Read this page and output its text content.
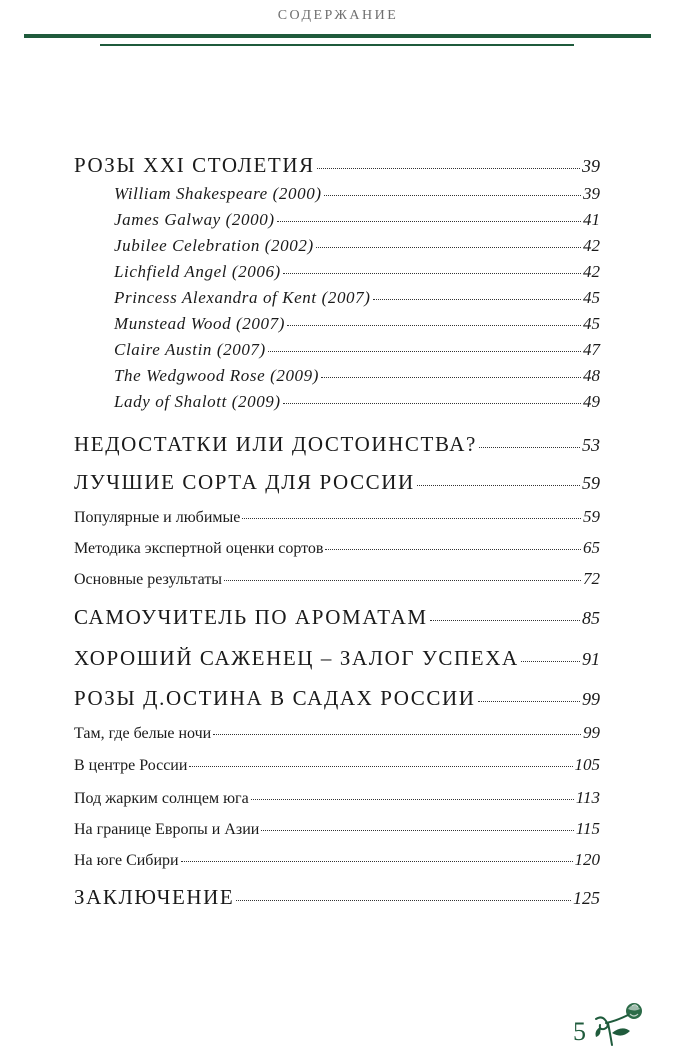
СОДЕРЖАНИЕ
РОЗЫ XXI СТОЛЕТИЯ	39
William Shakespeare (2000)	39
James Galway (2000)	41
Jubilee Celebration (2002)	42
Lichfield Angel (2006)	42
Princess Alexandra of Kent (2007)	45
Munstead Wood (2007)	45
Claire Austin (2007)	47
The Wedgwood Rose (2009)	48
Lady of Shalott (2009)	49
НЕДОСТАТКИ ИЛИ ДОСТОИНСТВА?	53
ЛУЧШИЕ СОРТА ДЛЯ РОССИИ	59
Популярные и любимые	59
Методика экспертной оценки сортов	65
Основные результаты	72
САМОУЧИТЕЛЬ ПО АРОМАТАМ	85
ХОРОШИЙ САЖЕНЕЦ – ЗАЛОГ УСПЕХА	91
РОЗЫ Д.ОСТИНА В САДАХ РОССИИ	99
Там, где белые ночи	99
В центре России	105
Под жарким солнцем юга	113
На границе Европы и Азии	115
На юге Сибири	120
ЗАКЛЮЧЕНИЕ	125
5
